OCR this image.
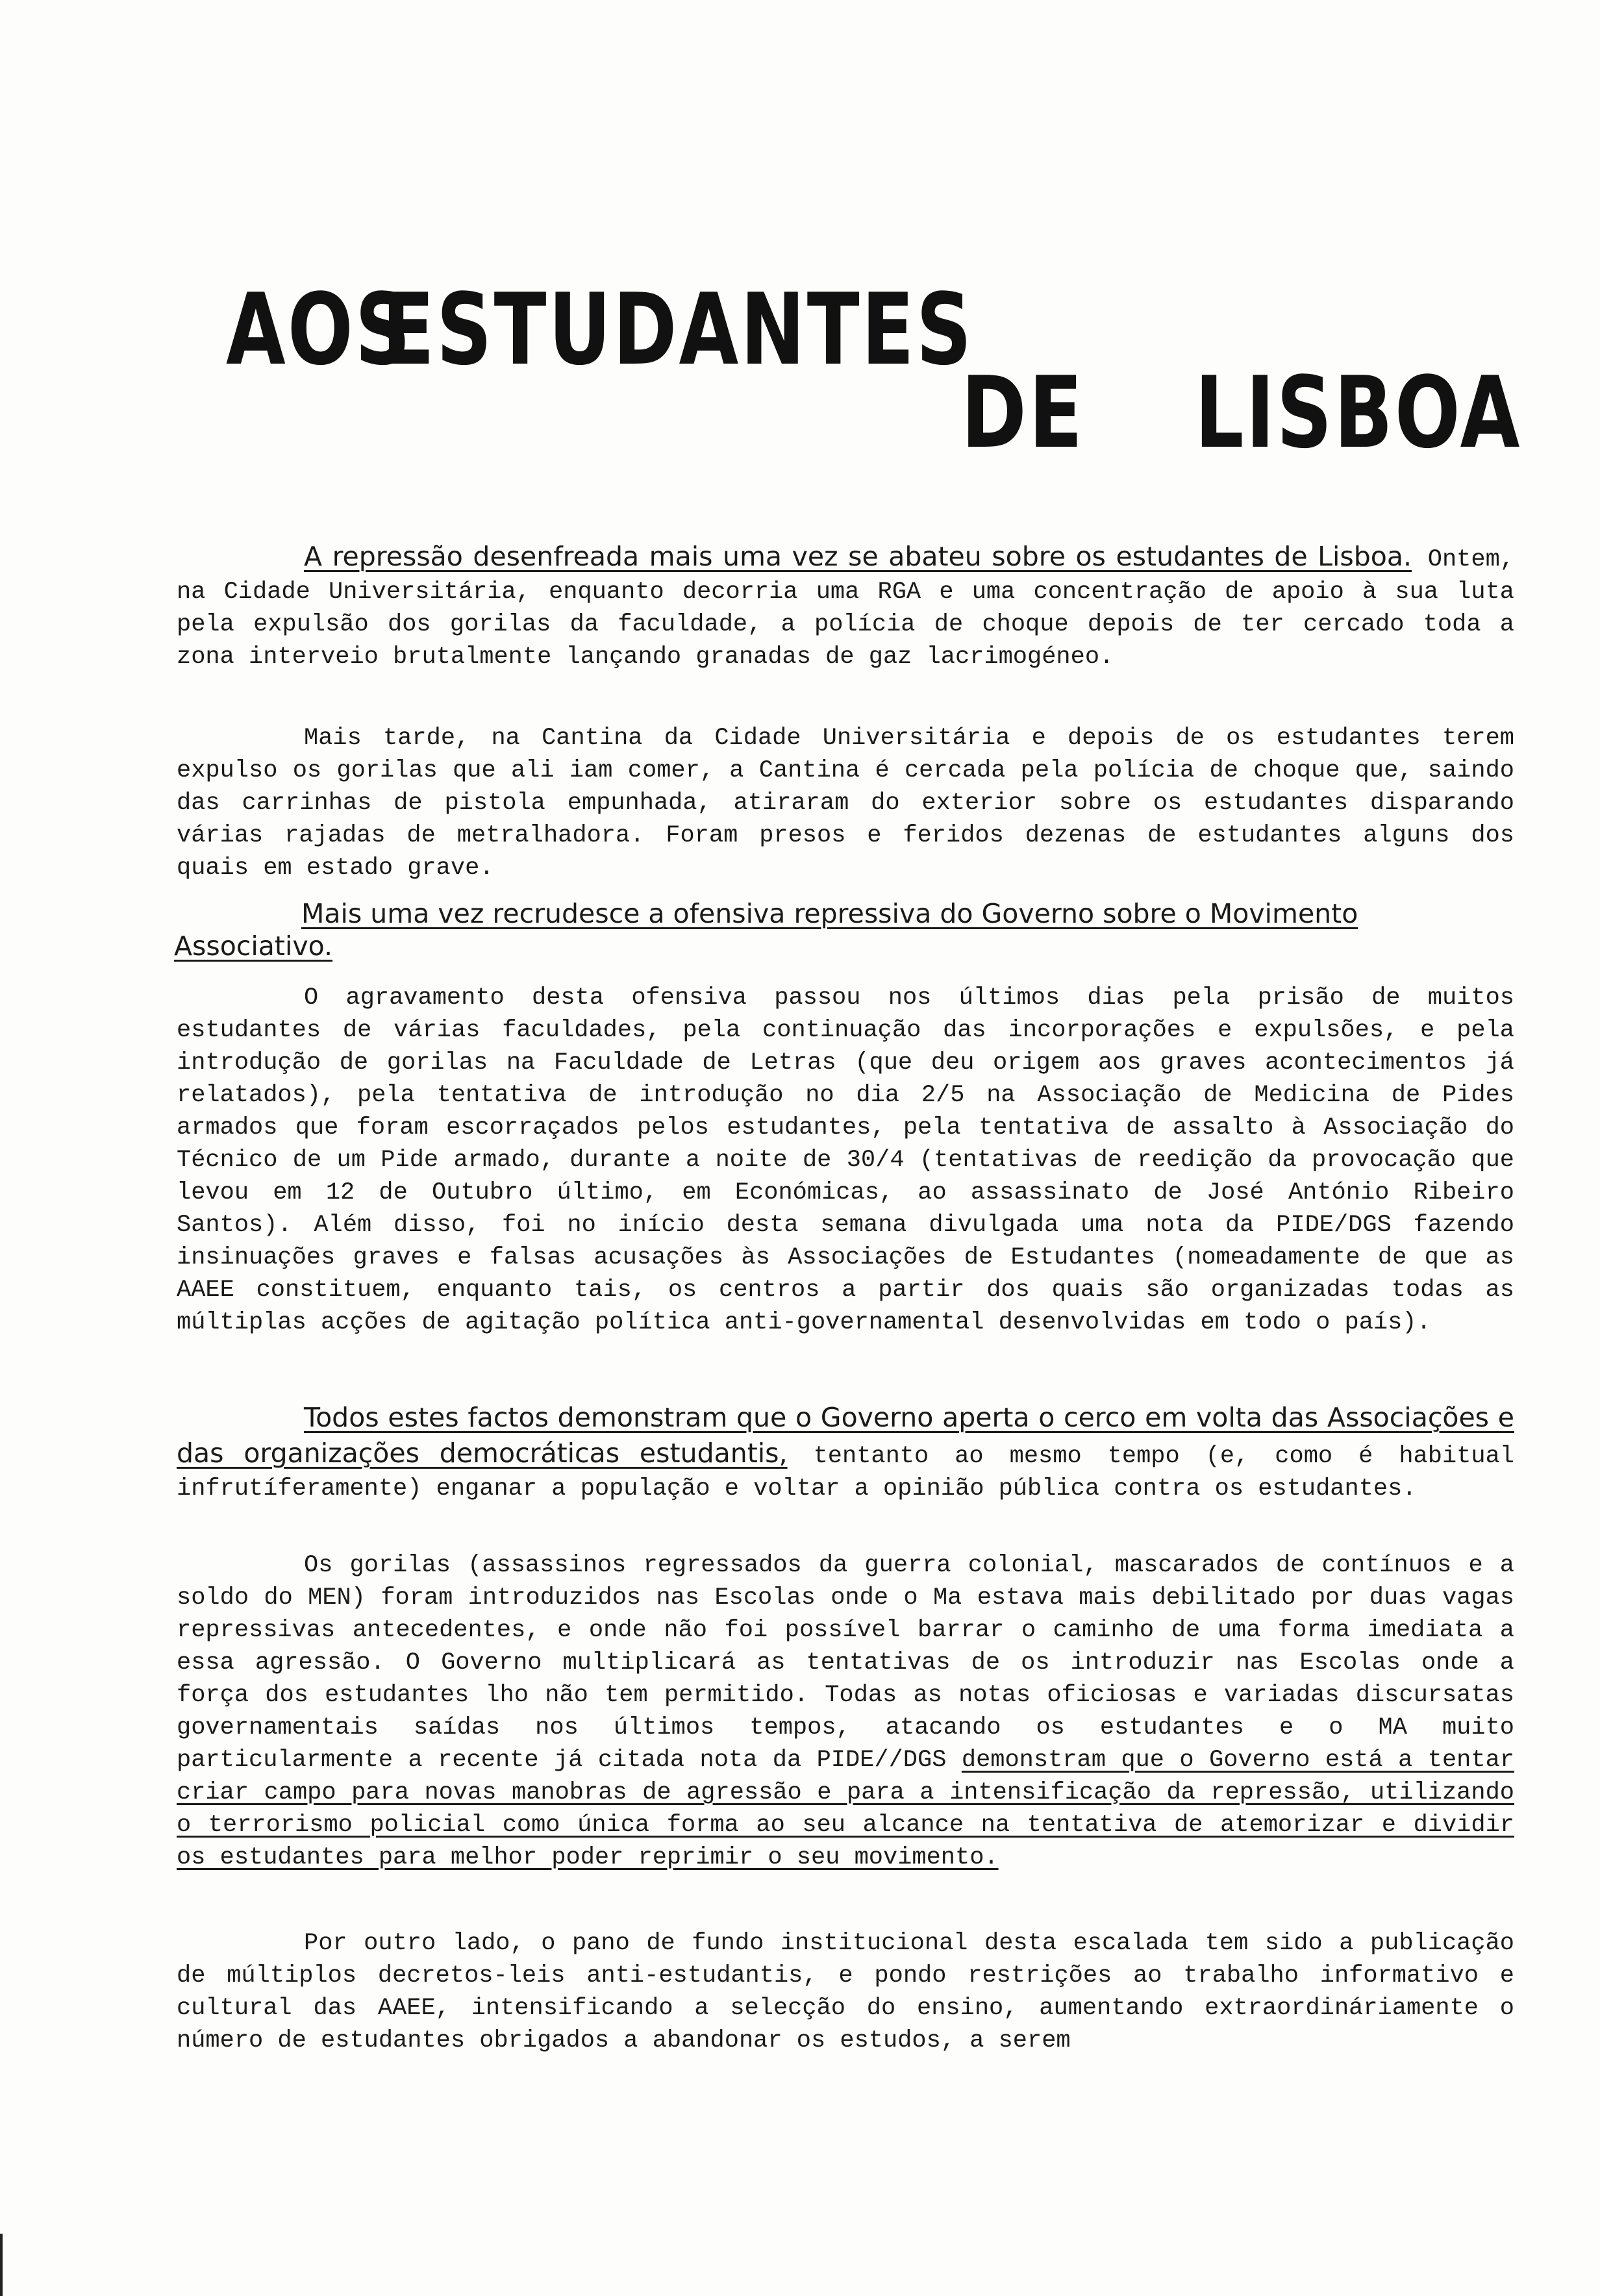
AOS
ESTUDANTES
DE LISBOA
A repressão desenfreada mais uma vez se abateu sobre os estudantes de Lisboa. Ontem, na Cidade Universitária, enquanto decorria uma RGA e uma concentração de apoio à sua luta pela expulsão dos gorilas da faculdade, a polícia de choque depois de ter cercado toda a zona interveio brutalmente lançando granadas de gaz lacrimogéneo.
Mais tarde, na Cantina da Cidade Universitária e depois de os estudantes terem expulso os gorilas que ali iam comer, a Cantina é cercada pela polícia de choque que, saindo das carrinhas de pistola empunhada, atiraram do exterior sobre os estudantes disparando várias rajadas de metralhadora. Foram presos e feridos dezenas de estudantes alguns dos quais em estado grave.
Mais uma vez recrudesce a ofensiva repressiva do Governo sobre o Movimento Associativo.
O agravamento desta ofensiva passou nos últimos dias pela prisão de muitos estudantes de várias faculdades, pela continuação das incorporações e expulsões, e pela introdução de gorilas na Faculdade de Letras (que deu origem aos graves acontecimentos já relatados), pela tentativa de introdução no dia 2/5 na Associação de Medicina de Pides armados que foram escorraçados pelos estudantes, pela tentativa de assalto à Associação do Técnico de um Pide armado, durante a noite de 30/4 (tentativas de reedição da provocação que levou em 12 de Outubro último, em Económicas, ao assassinato de José António Ribeiro Santos). Além disso, foi no início desta semana divulgada uma nota da PIDE/DGS fazendo insinuações graves e falsas acusações às Associações de Estudantes (nomeadamente de que as AAEE constituem, enquanto tais, os centros a partir dos quais são organizadas todas as múltiplas acções de agitação política anti-governamental desenvolvidas em todo o país).
Todos estes factos demonstram que o Governo aperta o cerco em volta das Associações e das organizações democráticas estudantis, tentanto ao mesmo tempo (e, como é habitual infrutíferamente) enganar a população e voltar a opinião pública contra os estudantes.
Os gorilas (assassinos regressados da guerra colonial, mascarados de contínuos e a soldo do MEN) foram introduzidos nas Escolas onde o Ma estava mais debilitado por duas vagas repressivas antecedentes, e onde não foi possível barrar o caminho de uma forma imediata a essa agressão. O Governo multiplicará as tentativas de os introduzir nas Escolas onde a força dos estudantes lho não tem permitido. Todas as notas oficiosas e variadas discursatas governamentais saídas nos últimos tempos, atacando os estudantes e o MA muito particularmente a recente já citada nota da PIDE//DGS demonstram que o Governo está a tentar criar campo para novas manobras de agressão e para a intensificação da repressão, utilizando o terrorismo policial como única forma ao seu alcance na tentativa de atemorizar e dividir os estudantes para melhor poder reprimir o seu movimento.
Por outro lado, o pano de fundo institucional desta escalada tem sido a publicação de múltiplos decretos-leis anti-estudantis, e pondo restrições ao trabalho informativo e cultural das AAEE, intensificando a selecção do ensino, aumentando extraordináriamente o número de estudantes obrigados a abandonar os estudos, a serem
